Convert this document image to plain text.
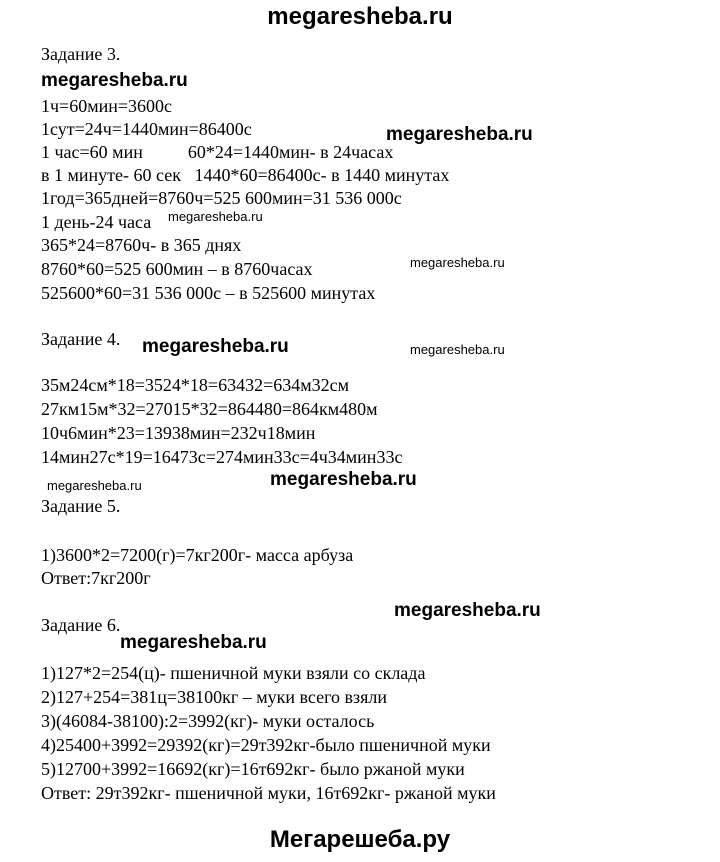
megaresheba.ru
Задание 3.
1ч=60мин=3600с
1сут=24ч=1440мин=86400с
1 час=60 мин          60*24=1440мин- в 24часах
в 1 минуте- 60 сек   1440*60=86400с- в 1440 минутах
1год=365дней=8760ч=525 600мин=31 536 000с
1 день-24 часа
365*24=8760ч- в 365 днях
8760*60=525 600мин – в 8760часах
525600*60=31 536 000с – в 525600 минутах
Задание 4.
35м24см*18=3524*18=63432=634м32см
27км15м*32=27015*32=864480=864км480м
10ч6мин*23=13938мин=232ч18мин
14мин27с*19=16473с=274мин33с=4ч34мин33с
Задание 5.
1)3600*2=7200(г)=7кг200г- масса арбуза
Ответ:7кг200г
Задание 6.
1)127*2=254(ц)- пшеничной муки взяли со склада
2)127+254=381ц=38100кг – муки всего взяли
3)(46084-38100):2=3992(кг)- муки осталось
4)25400+3992=29392(кг)=29т392кг-было пшеничной муки
5)12700+3992=16692(кг)=16т692кг- было ржаной муки
Ответ: 29т392кг- пшеничной муки, 16т692кг- ржаной муки
megaresheba.ru
megaresheba.ru
megaresheba.ru
megaresheba.ru
megaresheba.ru	megaresheba.ru
megaresheba.ru	megaresheba.ru
megaresheba.ru
megaresheba.ru
Мегарешеба.ру
